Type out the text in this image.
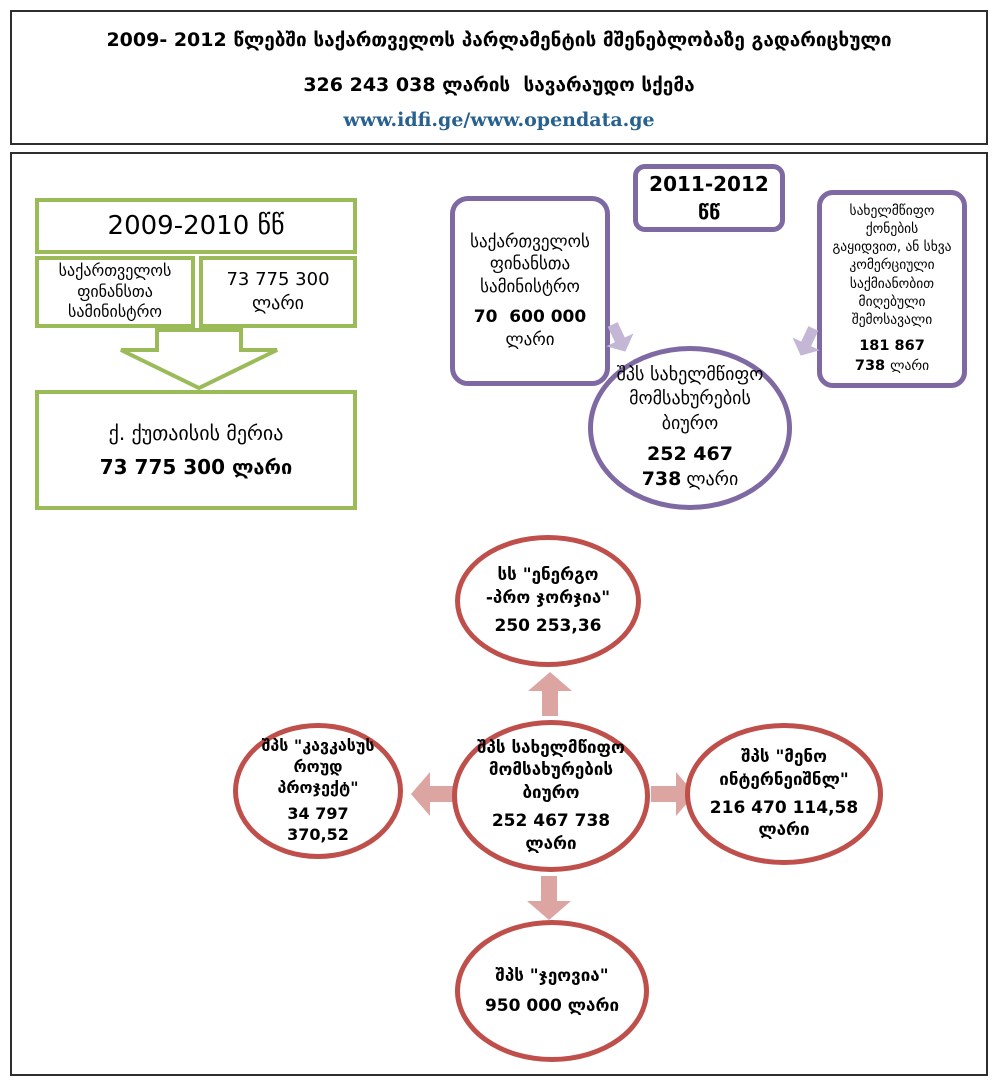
2009- 2012 წლებში საქართველოს პარლამენტის მშენებლობაზე გადარიცხული
326 243 038 ლარის  სავარაუდო სქემა
www.idfi.ge/www.opendata.ge
2009-2010 წწ
საქართველოს ფინანსთა სამინისტრო
73 775 300
ლარი
ქ. ქუთაისის მერია
73 775 300 ლარი
საქართველოს ფინანსთა სამინისტრო
70  600 000
ლარი
2011-2012 წწ	სახელმწიფო ქონების გაყიდვით, ან სხვა კომერციული საქმიანობით მიღებული შემოსავალი
181 867 738 ლარი
შპს სახელმწიფო მომსახურების ბიურო
252 467 738 ლარი
სს "ენერგო -პრო ჯორჯია"
250 253,36
შპს "კავკასუს როუდ პროჯექტ"
34 797 370,52
შპს სახელმწიფო მომსახურების ბიურო
252 467 738
ლარი
შპს "მენო ინტერნეიშნლ"
216 470 114,58
ლარი
შპს "ჯეოვია"
950 000 ლარი
